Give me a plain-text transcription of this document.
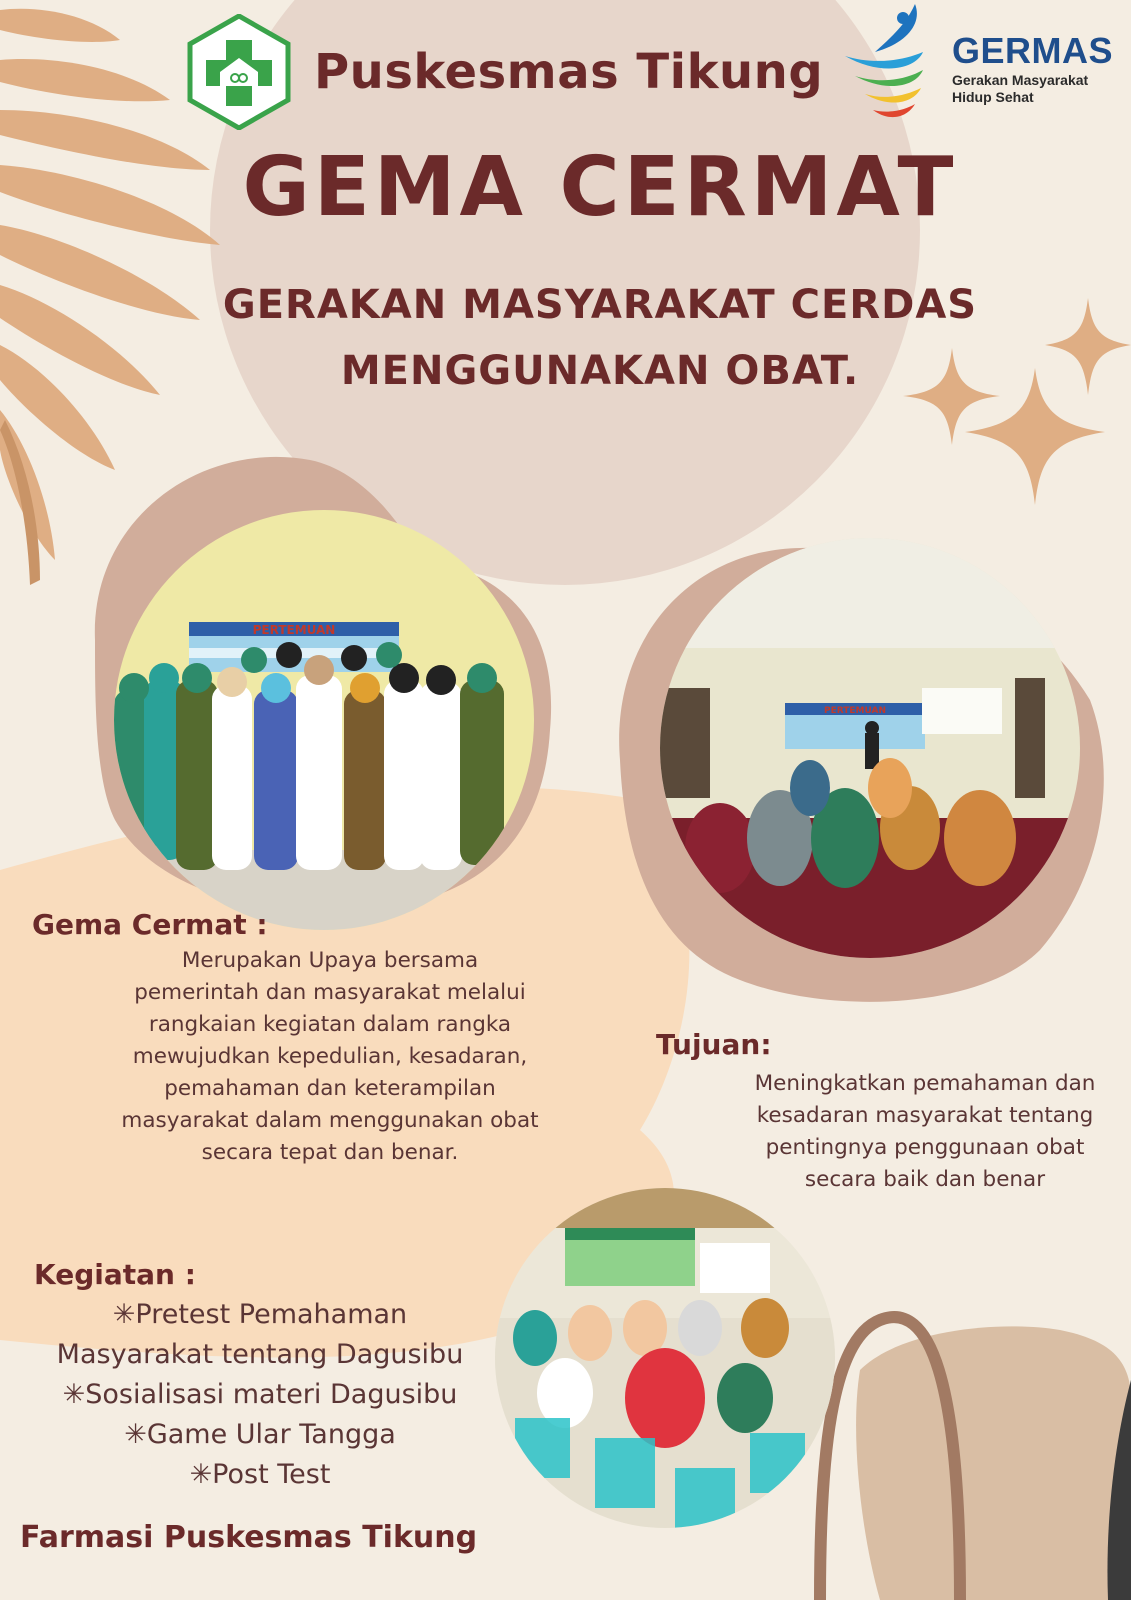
Puskesmas Tikung	GERMAS
Gerakan Masyarakat
Hidup Sehat
GEMA CERMAT
GERAKAN MASYARAKAT CERDAS
MENGGUNAKAN OBAT.
PERTEMUAN
PERTEMUAN
Gema Cermat :
Merupakan Upaya bersama
pemerintah dan masyarakat melalui
rangkaian kegiatan dalam rangka
mewujudkan kepedulian, kesadaran,
pemahaman dan keterampilan
masyarakat dalam menggunakan obat
secara tepat dan benar.
Tujuan:
Meningkatkan pemahaman dan
kesadaran masyarakat tentang
pentingnya penggunaan obat
secara baik dan benar
Kegiatan :
✳Pretest Pemahaman
Masyarakat tentang Dagusibu
✳Sosialisasi materi Dagusibu
✳Game Ular Tangga
✳Post Test
Farmasi Puskesmas Tikung
